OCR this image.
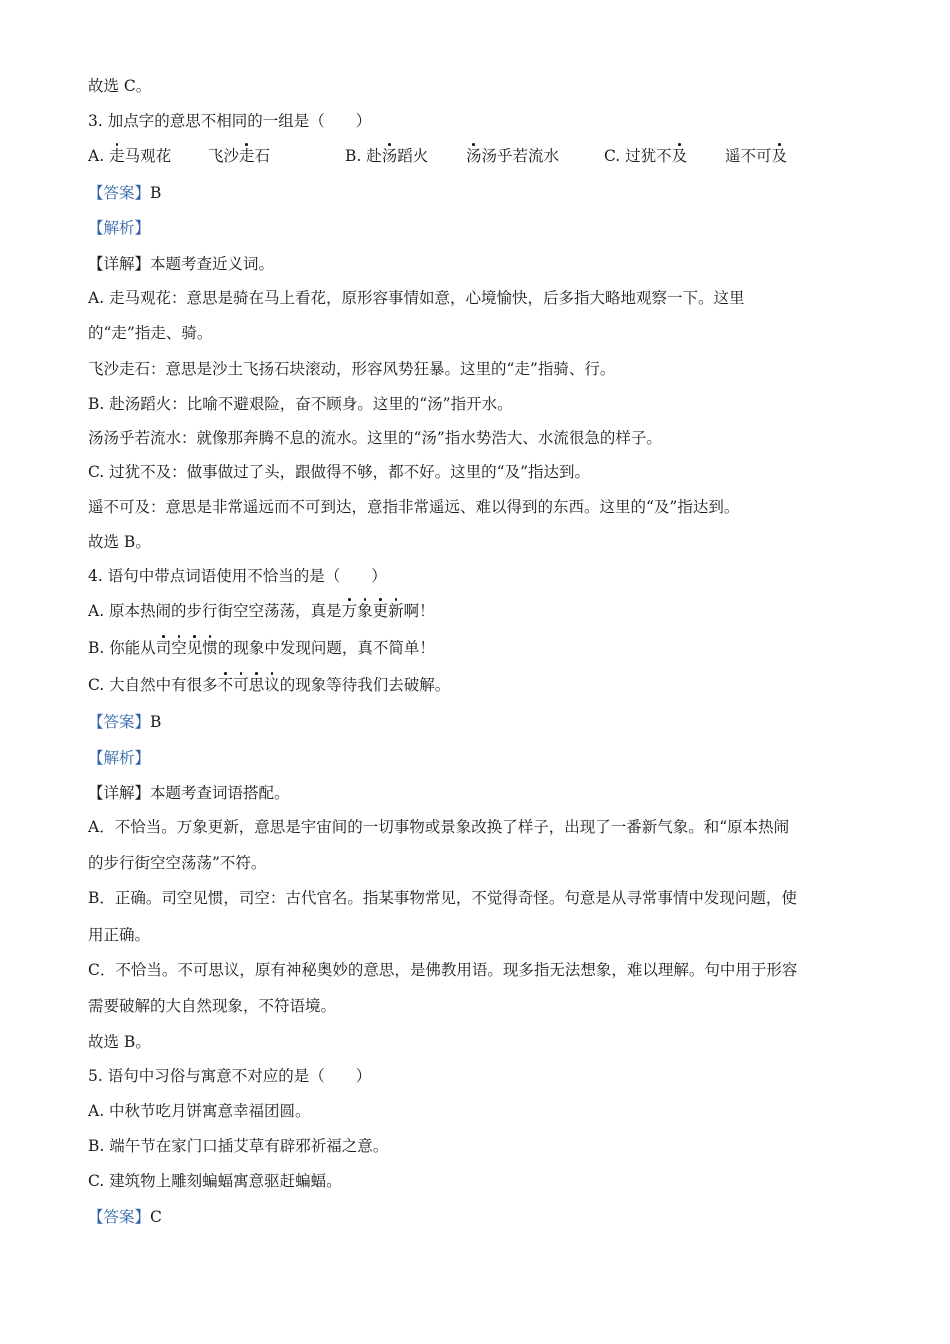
故选 C。
3. 加点字的意思不相同的一组是（　　）
A. 走马观花 飞沙走石	B. 赴汤蹈火 汤汤乎若流水	C. 过犹不及 遥不可及
【答案】B
【解析】
【详解】本题考查近义词。
A. 走马观花：意思是骑在马上看花，原形容事情如意，心境愉快，后多指大略地观察一下。这里
的“走”指走、骑。
飞沙走石：意思是沙土飞扬石块滚动，形容风势狂暴。这里的“走”指骑、行。
B. 赴汤蹈火：比喻不避艰险，奋不顾身。这里的“汤”指开水。
汤汤乎若流水：就像那奔腾不息的流水。这里的“汤”指水势浩大、水流很急的样子。
C. 过犹不及：做事做过了头，跟做得不够，都不好。这里的“及”指达到。
遥不可及：意思是非常遥远而不可到达，意指非常遥远、难以得到的东西。这里的“及”指达到。
故选 B。
4. 语句中带点词语使用不恰当的是（　　）
A. 原本热闹的步行街空空荡荡，真是万象更新啊！
B. 你能从司空见惯的现象中发现问题，真不简单！
C. 大自然中有很多不可思议的现象等待我们去破解。
【答案】B
【解析】
【详解】本题考查词语搭配。
A．不恰当。万象更新，意思是宇宙间的一切事物或景象改换了样子，出现了一番新气象。和“原本热闹
的步行街空空荡荡”不符。
B．正确。司空见惯，司空：古代官名。指某事物常见，不觉得奇怪。句意是从寻常事情中发现问题，使
用正确。
C．不恰当。不可思议，原有神秘奥妙的意思，是佛教用语。现多指无法想象，难以理解。句中用于形容
需要破解的大自然现象，不符语境。
故选 B。
5. 语句中习俗与寓意不对应的是（　　）
A. 中秋节吃月饼寓意幸福团圆。
B. 端午节在家门口插艾草有辟邪祈福之意。
C. 建筑物上雕刻蝙蝠寓意驱赶蝙蝠。
【答案】C
